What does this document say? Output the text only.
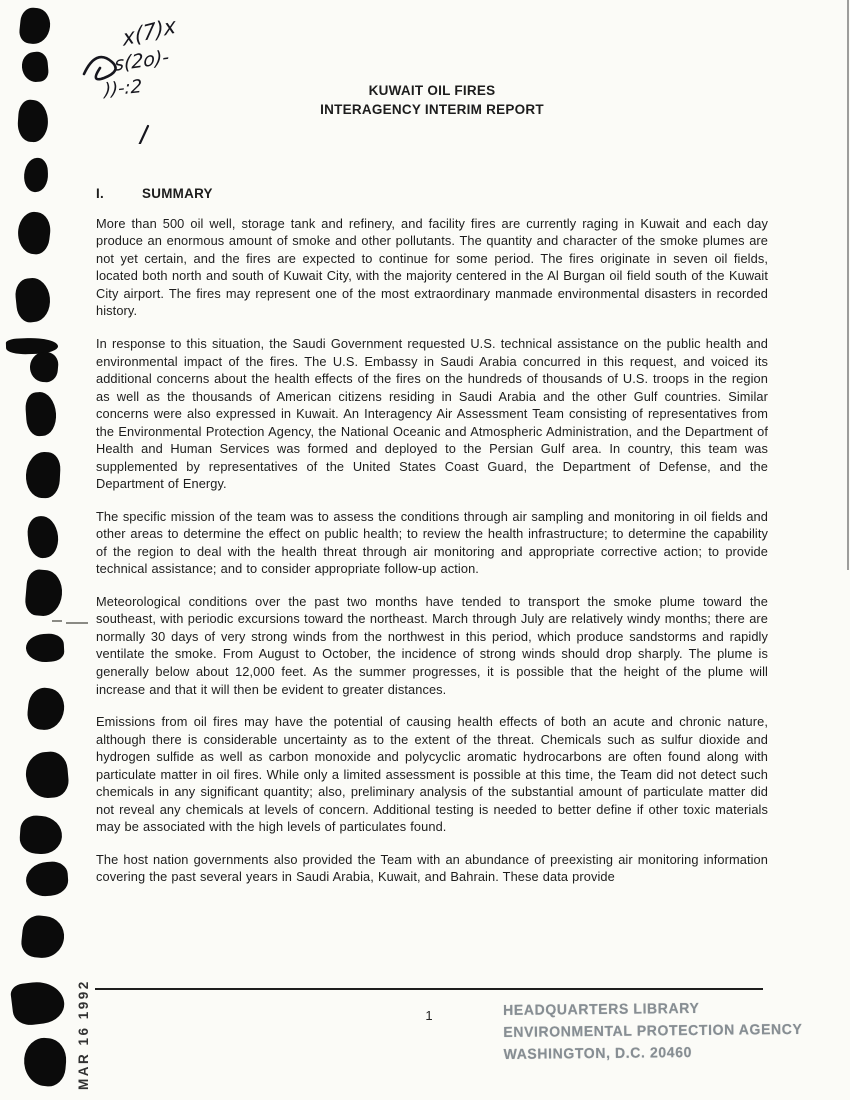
x(7)x
s(2o)-
))-:2	KUWAIT OIL FIRES
INTERAGENCY INTERIM REPORT
I.	SUMMARY

More than 500 oil well, storage tank and refinery, and facility fires are currently raging in Kuwait and each day produce an enormous amount of smoke and other pollutants. The quantity and character of the smoke plumes are not yet certain, and the fires are expected to continue for some period. The fires originate in seven oil fields, located both north and south of Kuwait City, with the majority centered in the Al Burgan oil field south of the Kuwait City airport. The fires may represent one of the most extraordinary manmade environmental disasters in recorded history.

In response to this situation, the Saudi Government requested U.S. technical assistance on the public health and environmental impact of the fires. The U.S. Embassy in Saudi Arabia concurred in this request, and voiced its additional concerns about the health effects of the fires on the hundreds of thousands of U.S. troops in the region as well as the thousands of American citizens residing in Saudi Arabia and the other Gulf countries. Similar concerns were also expressed in Kuwait. An Interagency Air Assessment Team consisting of representatives from the Environmental Protection Agency, the National Oceanic and Atmospheric Administration, and the Department of Health and Human Services was formed and deployed to the Persian Gulf area. In country, this team was supplemented by representatives of the United States Coast Guard, the Department of Defense, and the Department of Energy.

The specific mission of the team was to assess the conditions through air sampling and monitoring in oil fields and other areas to determine the effect on public health; to review the health infrastructure; to determine the capability of the region to deal with the health threat through air monitoring and appropriate corrective action; to provide technical assistance; and to consider appropriate follow-up action.

Meteorological conditions over the past two months have tended to transport the smoke plume toward the southeast, with periodic excursions toward the northeast. March through July are relatively windy months; there are normally 30 days of very strong winds from the northwest in this period, which produce sandstorms and rapidly ventilate the smoke. From August to October, the incidence of strong winds should drop sharply. The plume is generally below about 12,000 feet. As the summer progresses, it is possible that the height of the plume will increase and that it will then be evident to greater distances.

Emissions from oil fires may have the potential of causing health effects of both an acute and chronic nature, although there is considerable uncertainty as to the extent of the threat. Chemicals such as sulfur dioxide and hydrogen sulfide as well as carbon monoxide and polycyclic aromatic hydrocarbons are often found along with particulate matter in oil fires. While only a limited assessment is possible at this time, the Team did not detect such chemicals in any significant quantity; also, preliminary analysis of the substantial amount of particulate matter did not reveal any chemicals at levels of concern. Additional testing is needed to better define if other toxic materials may be associated with the high levels of particulates found.

The host nation governments also provided the Team with an abundance of preexisting air monitoring information covering the past several years in Saudi Arabia, Kuwait, and Bahrain. These data provide

1	HEADQUARTERS LIBRARY
ENVIRONMENTAL PROTECTION AGENCY
WASHINGTON, D.C. 20460
MAR 16 1992
